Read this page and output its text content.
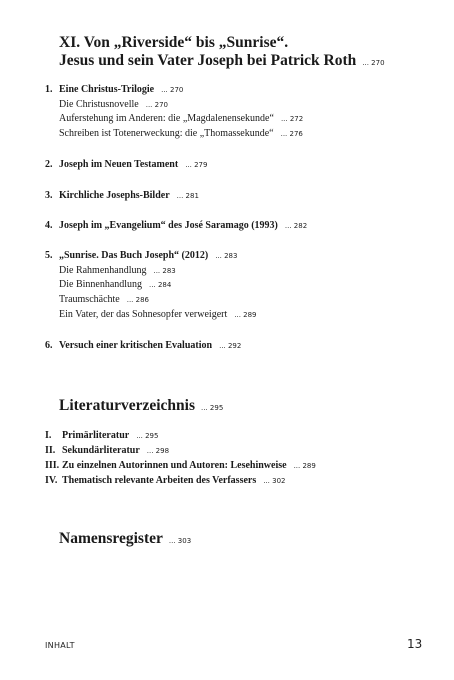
XI. Von „Riverside“ bis „Sunrise“.
Jesus und sein Vater Joseph bei Patrick Roth ... 270
1. Eine Christus-Trilogie ... 270
Die Christusnovelle ... 270
Auferstehung im Anderen: die „Magdalenensekunde“ ... 272
Schreiben ist Totenerweckung: die „Thomassekunde“ ... 276
2. Joseph im Neuen Testament ... 279
3. Kirchliche Josephs-Bilder ... 281
4. Joseph im „Evangelium“ des José Saramago (1993) ... 282
5. „Sunrise. Das Buch Joseph“ (2012) ... 283
Die Rahmenhandlung ... 283
Die Binnenhandlung ... 284
Traumschächte ... 286
Ein Vater, der das Sohnesopfer verweigert ... 289
6. Versuch einer kritischen Evaluation ... 292
Literaturverzeichnis ... 295
I. Primärliteratur ... 295
II. Sekundärliteratur ... 298
III. Zu einzelnen Autorinnen und Autoren: Lesehinweise ... 289
IV. Thematisch relevante Arbeiten des Verfassers ... 302
Namensregister ... 303
INHALT	13
